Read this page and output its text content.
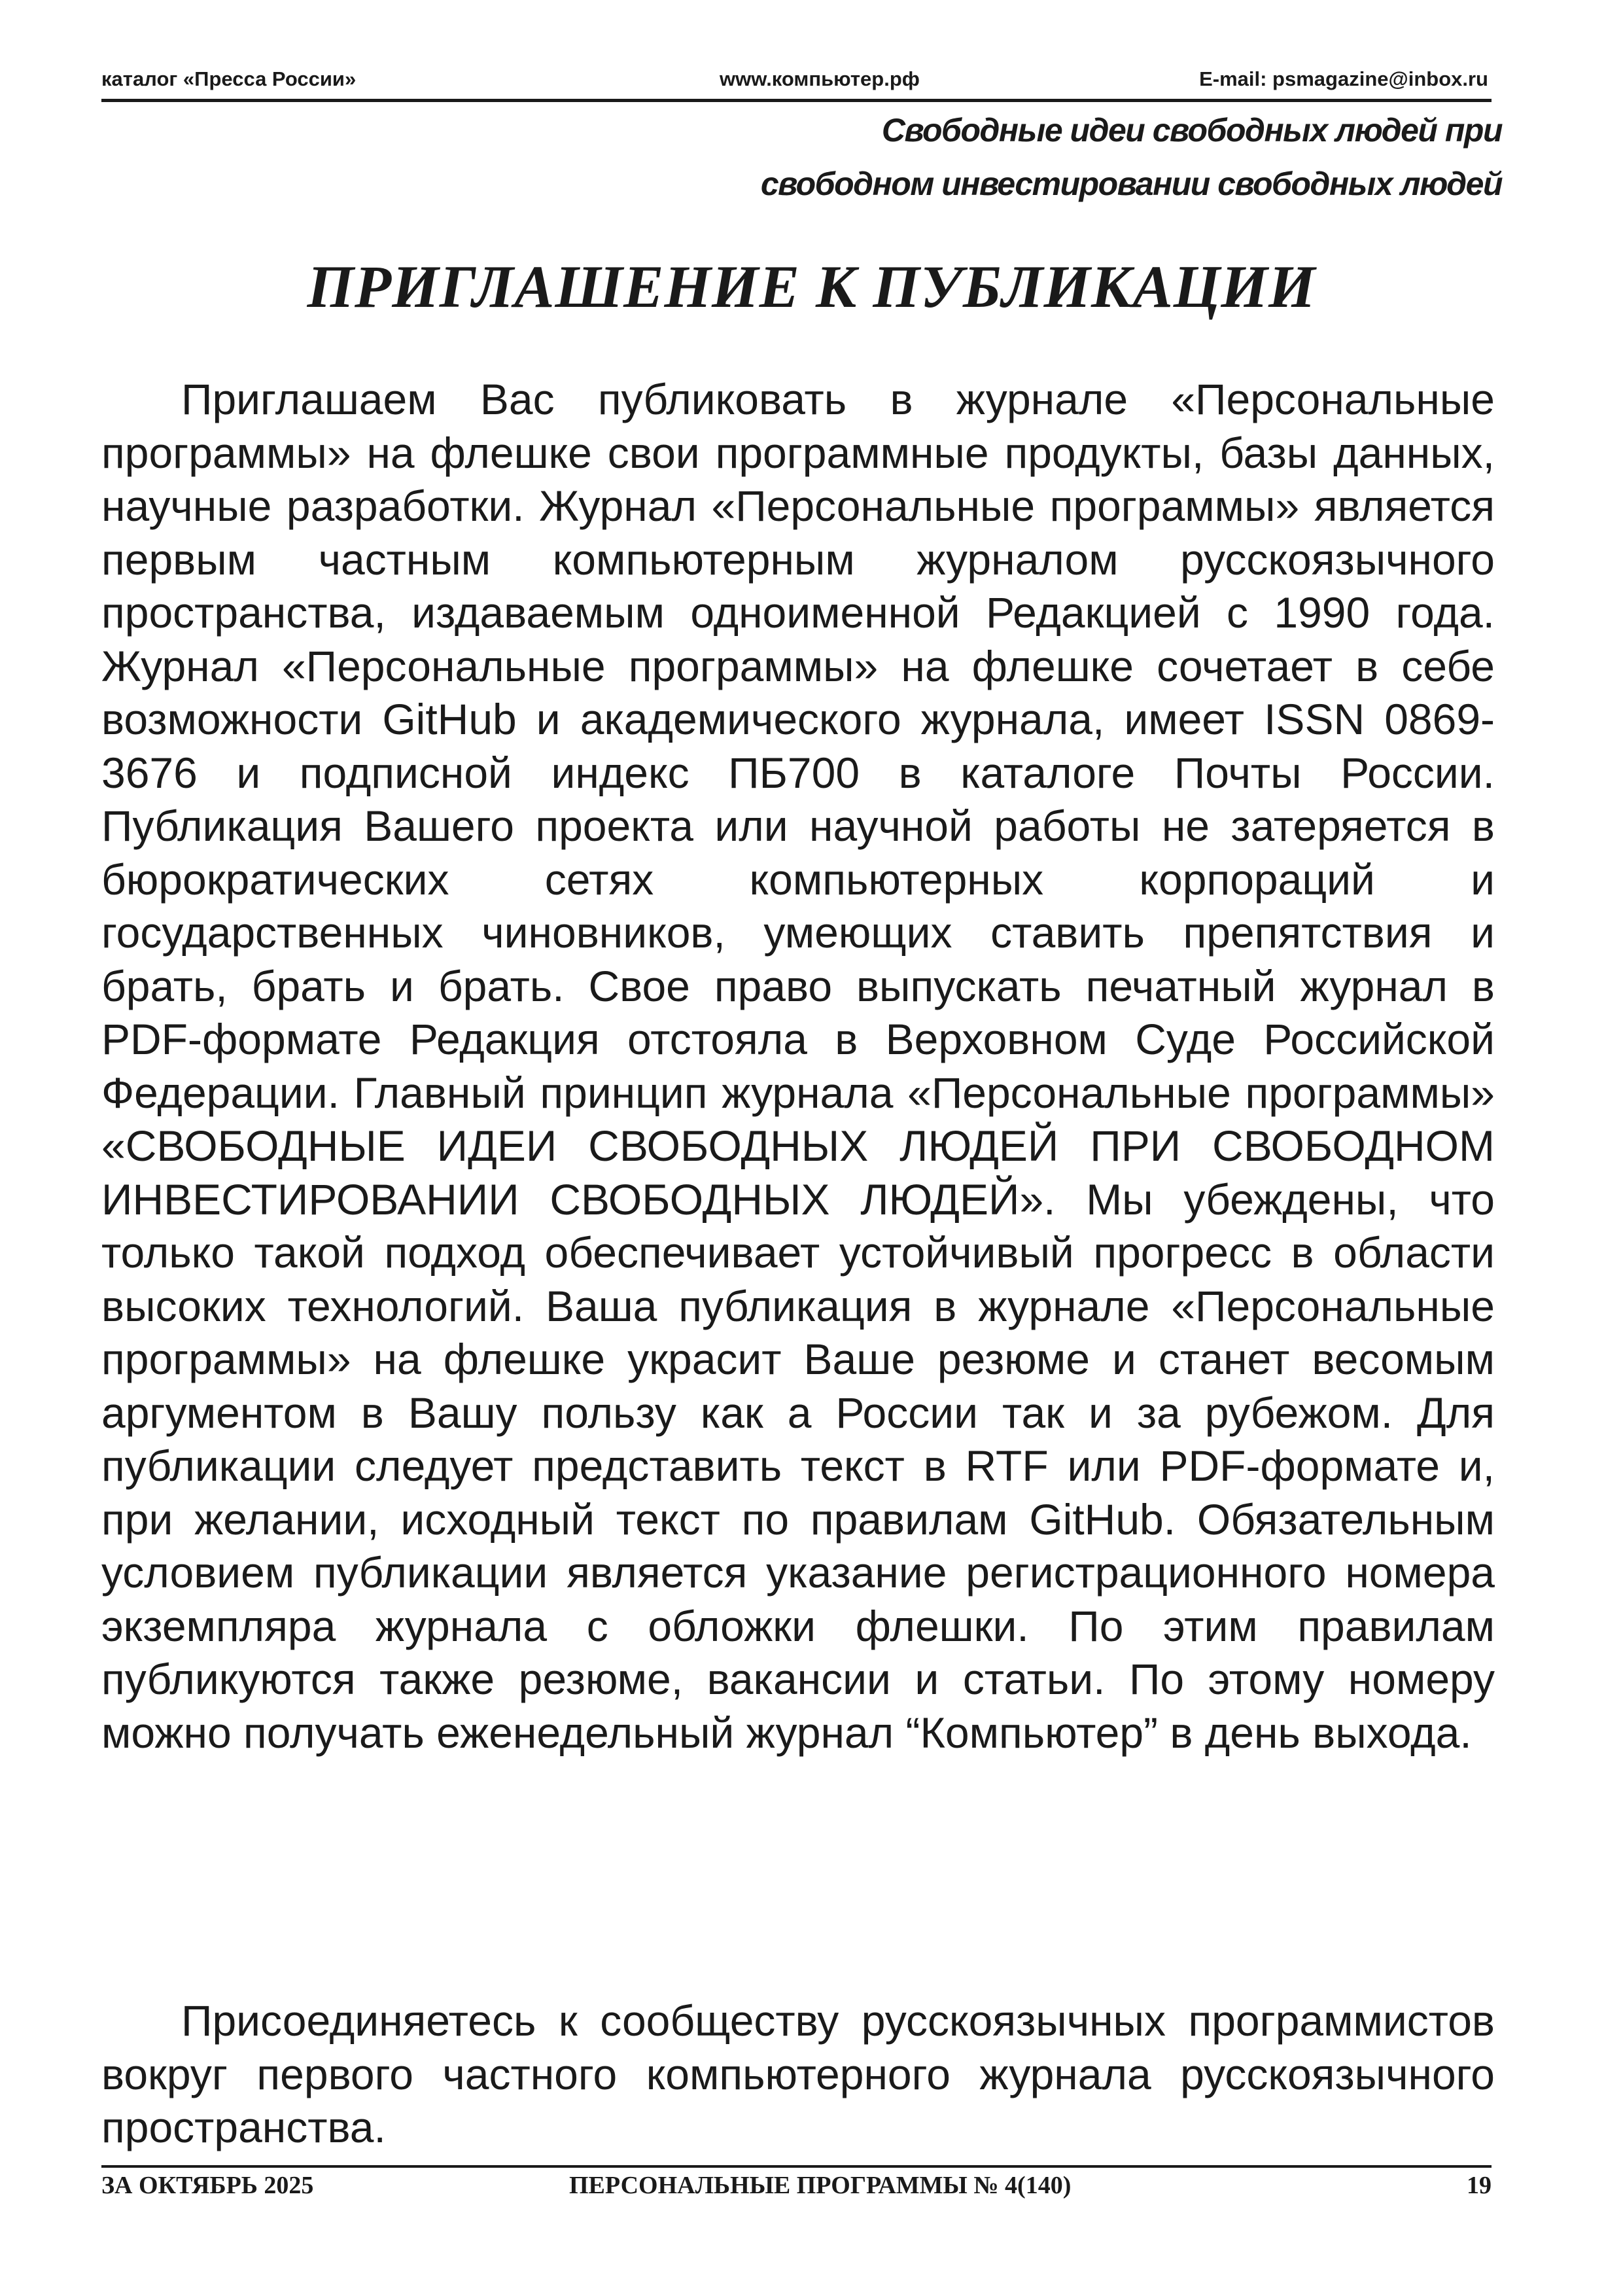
каталог «Пресса России»	www.компьютер.рф	E-mail: psmagazine@inbox.ru
Свободные идеи свободных людей при
свободном инвестировании свободных людей
ПРИГЛАШЕНИЕ К ПУБЛИКАЦИИ

Приглашаем Вас публиковать в журнале «Персональные программы» на флешке свои программные продукты, базы данных, научные разработки. Журнал «Персональные программы» является первым частным компьютерным журналом русскоязычного пространства, издаваемым одноименной Редакцией с 1990 года. Журнал «Персональные программы» на флешке сочетает в себе возможности GitHub и академического журнала, имеет ISSN 0869-3676 и подписной индекс ПБ700 в каталоге Почты России. Публикация Вашего проекта или научной работы не затеряется в бюрократических сетях компьютерных корпораций и государственных чиновников, умеющих ставить препятствия и брать, брать и брать. Свое право выпускать печатный журнал в PDF-формате Редакция отстояла в Верховном Суде Российской Федерации. Главный принцип журнала «Персональные программы» «СВОБОДНЫЕ ИДЕИ СВОБОДНЫХ ЛЮДЕЙ ПРИ СВОБОДНОМ ИНВЕСТИРОВАНИИ СВОБОДНЫХ ЛЮДЕЙ». Мы убеждены, что только такой подход обеспечивает устойчивый прогресс в области высоких технологий. Ваша публикация в журнале «Персональные программы» на флешке украсит Ваше резюме и станет весомым аргументом в Вашу пользу как а России так и за рубежом. Для публикации следует представить текст в RTF или PDF-формате и, при желании, исходный текст по правилам GitHub. Обязательным условием публикации является указание регистрационного номера экземпляра журнала с обложки флешки. По этим правилам публикуются также резюме, вакансии и статьи. По этому номеру можно получать еженедельный журнал “Компьютер” в день выхода.

Присоединяетесь к сообществу русскоязычных программистов вокруг первого частного компьютерного журнала русскоязычного пространства.

ЗА ОКТЯБРЬ 2025	ПЕРСОНАЛЬНЫЕ ПРОГРАММЫ № 4(140)	19
